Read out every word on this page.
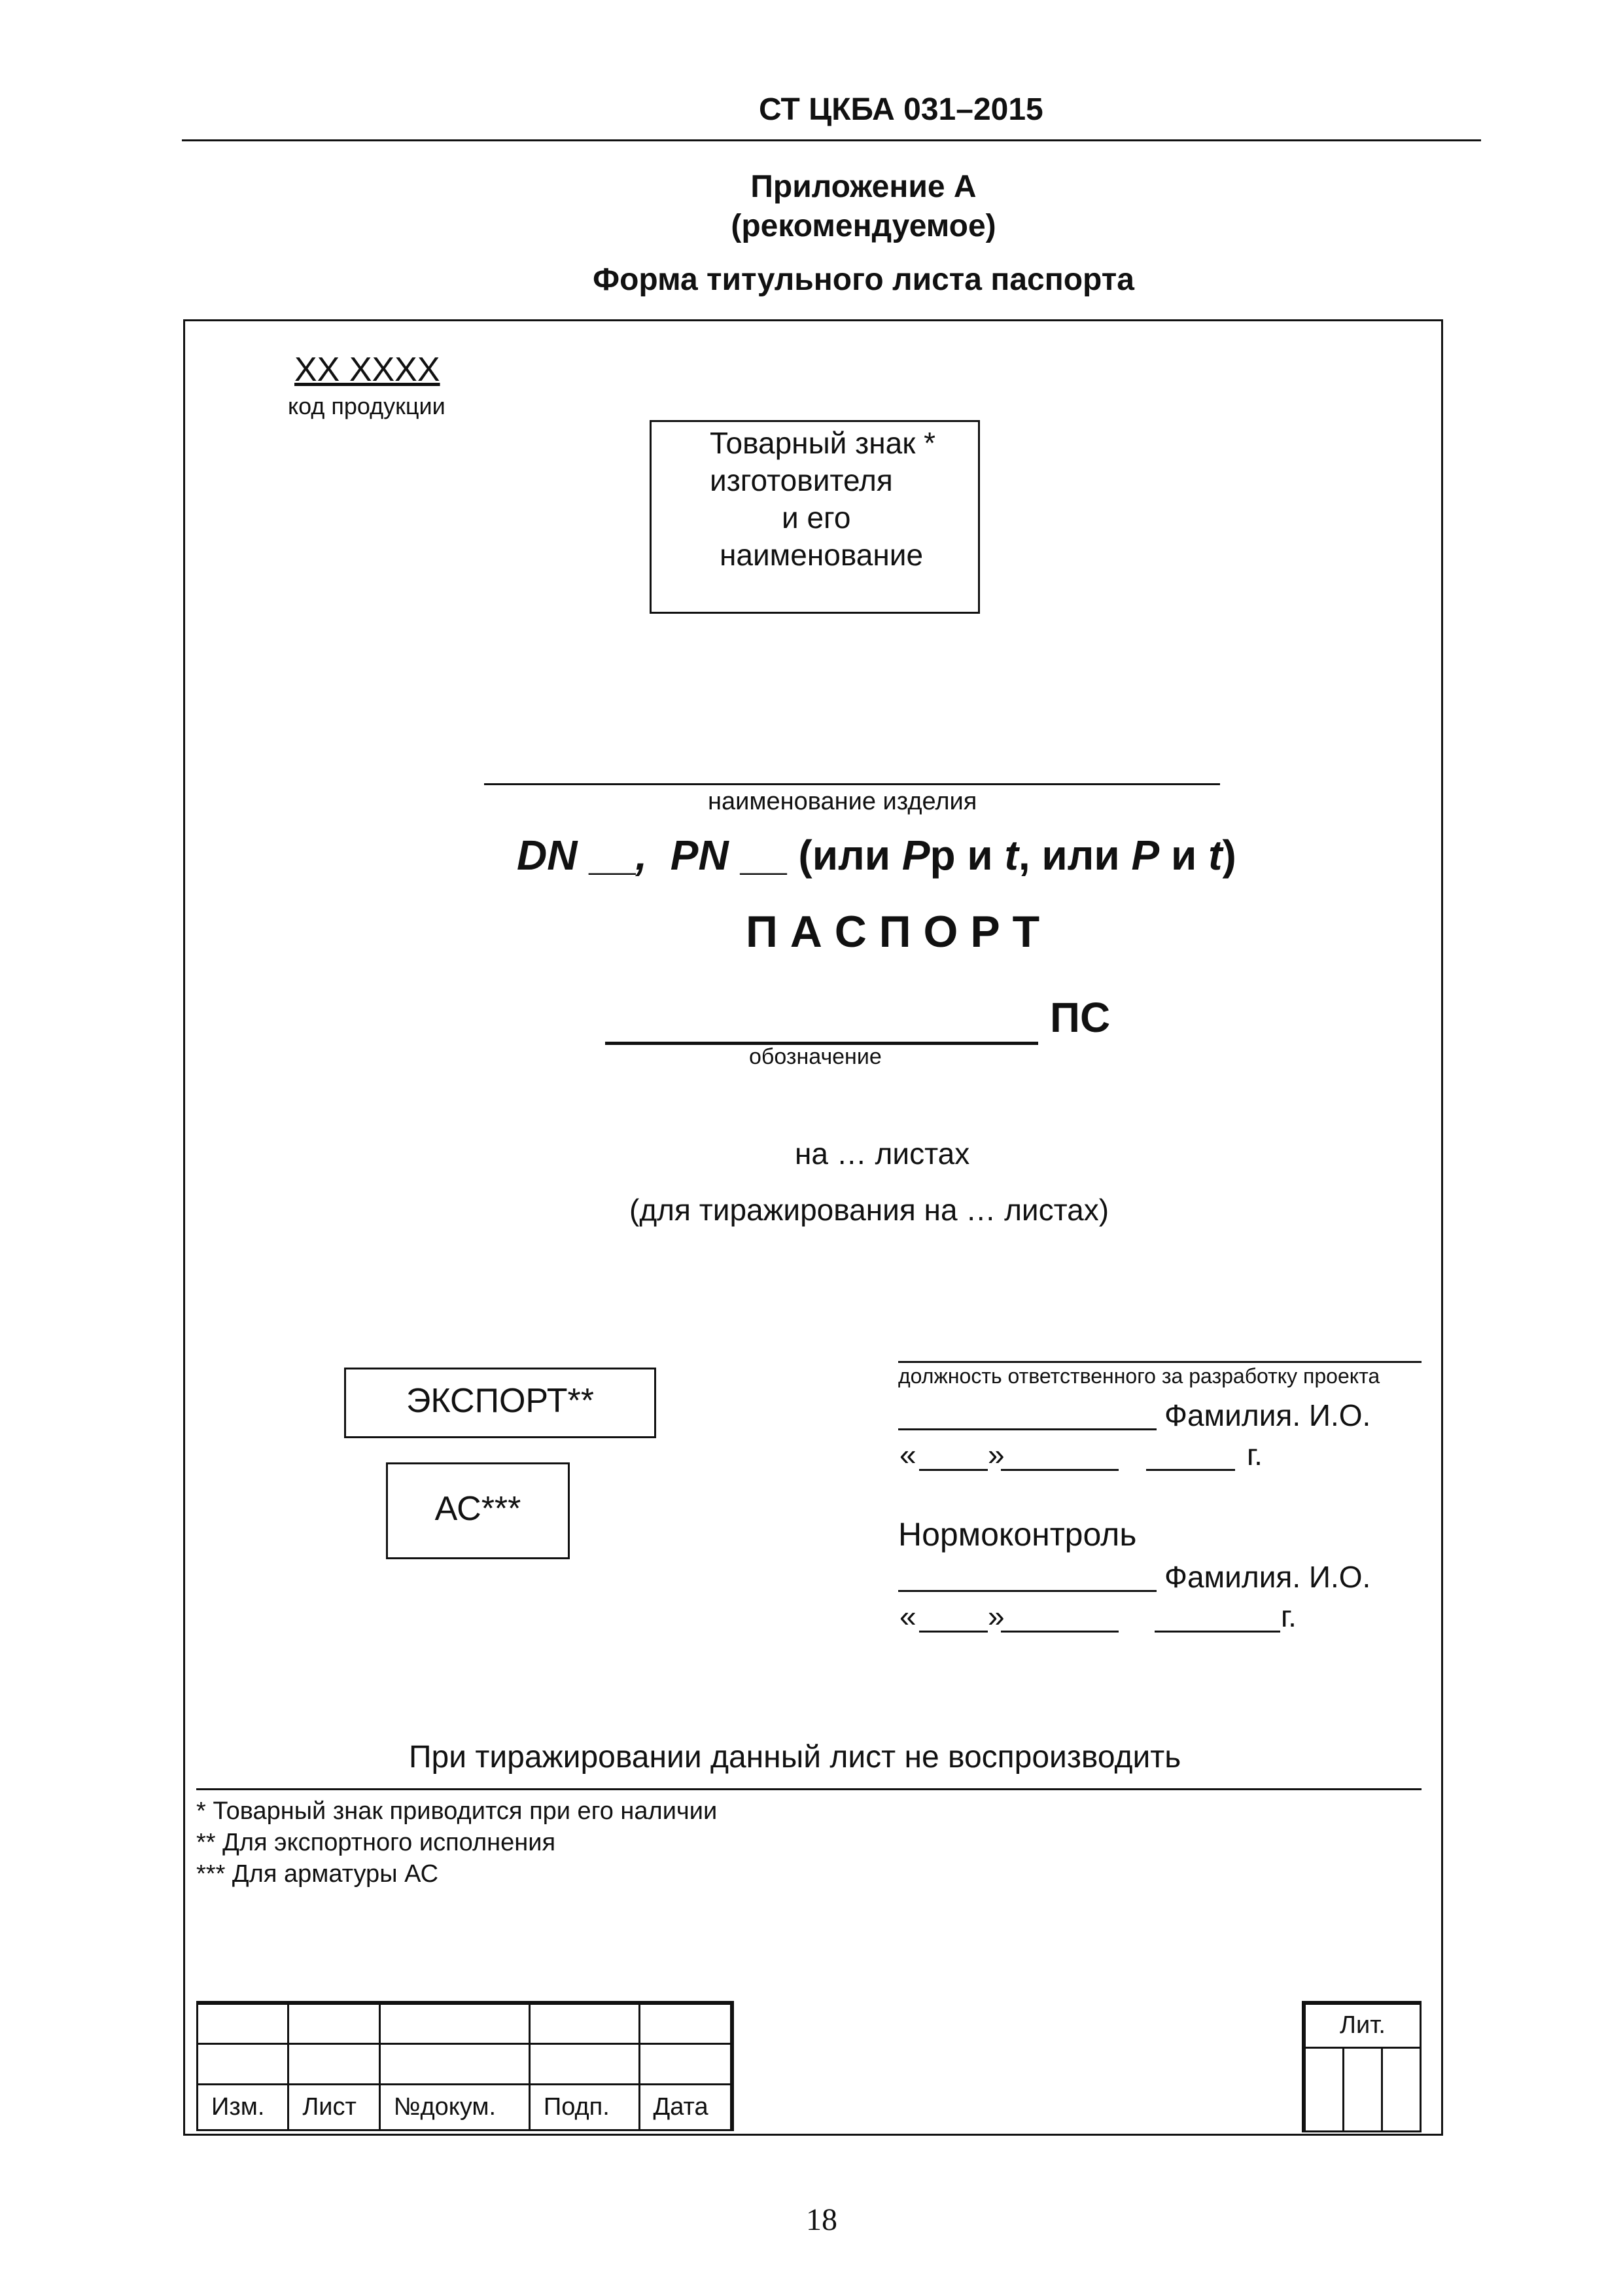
СТ ЦКБА 031–2015
Приложение А
(рекомендуемое)
Форма титульного листа паспорта
ХХ ХХХХ
код продукции
Товарный знак *
изготовителя
и его
наименование
наименование изделия
DN __, PN __ (или Pр и t, или P и t)
П А С П О Р Т
ПС
обозначение
на … листах
(для тиражирования на … листах)
ЭКСПОРТ**
АС***
должность ответственного за разработку проекта
Фамилия. И.О.
« »	г.
Нормоконтроль
Фамилия. И.О.
« »	г.
При тиражировании данный лист не воспроизводить
* Товарный знак приводится при его наличии
** Для экспортного исполнения
*** Для арматуры АС

Изм.	Лист	№докум.	Подп.	Дата
Лит.

18
